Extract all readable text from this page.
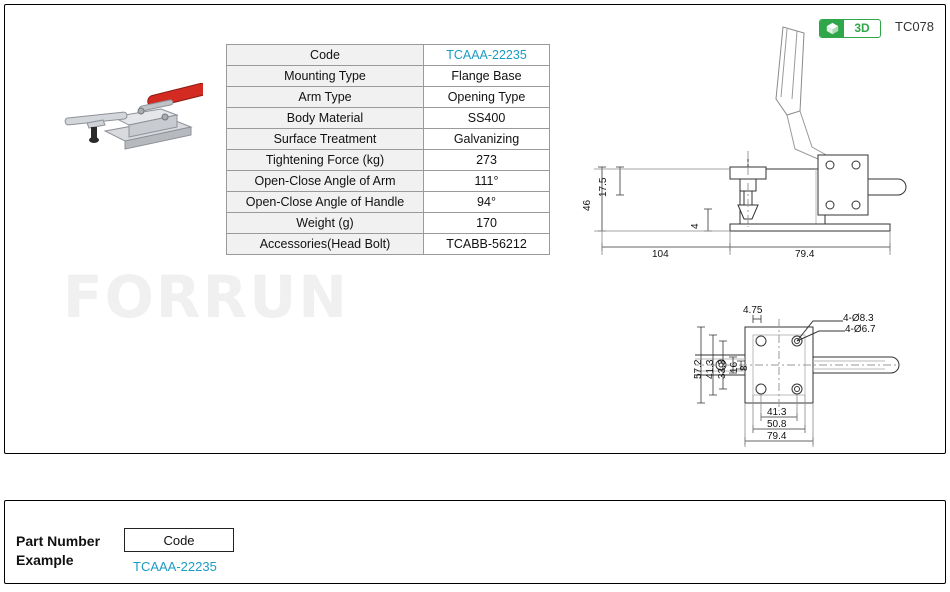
FORRUN
3D	TC078
Code	TCAAA-22235
Mounting Type	Flange Base
Arm Type	Opening Type
Body Material	SS400
Surface Treatment	Galvanizing
Tightening Force (kg)	273
Open-Close Angle of Arm	111°
Open-Close Angle of Handle	94°
Weight (g)	170
Accessories(Head Bolt)	TCABB-56212
17.5
46
4
104	79.4
4-Ø8.3
4-Ø6.7
4.75
57.2 41.3 33.3 16 8
41.3
50.8
79.4
Part Number
Example
Code
TCAAA-22235
